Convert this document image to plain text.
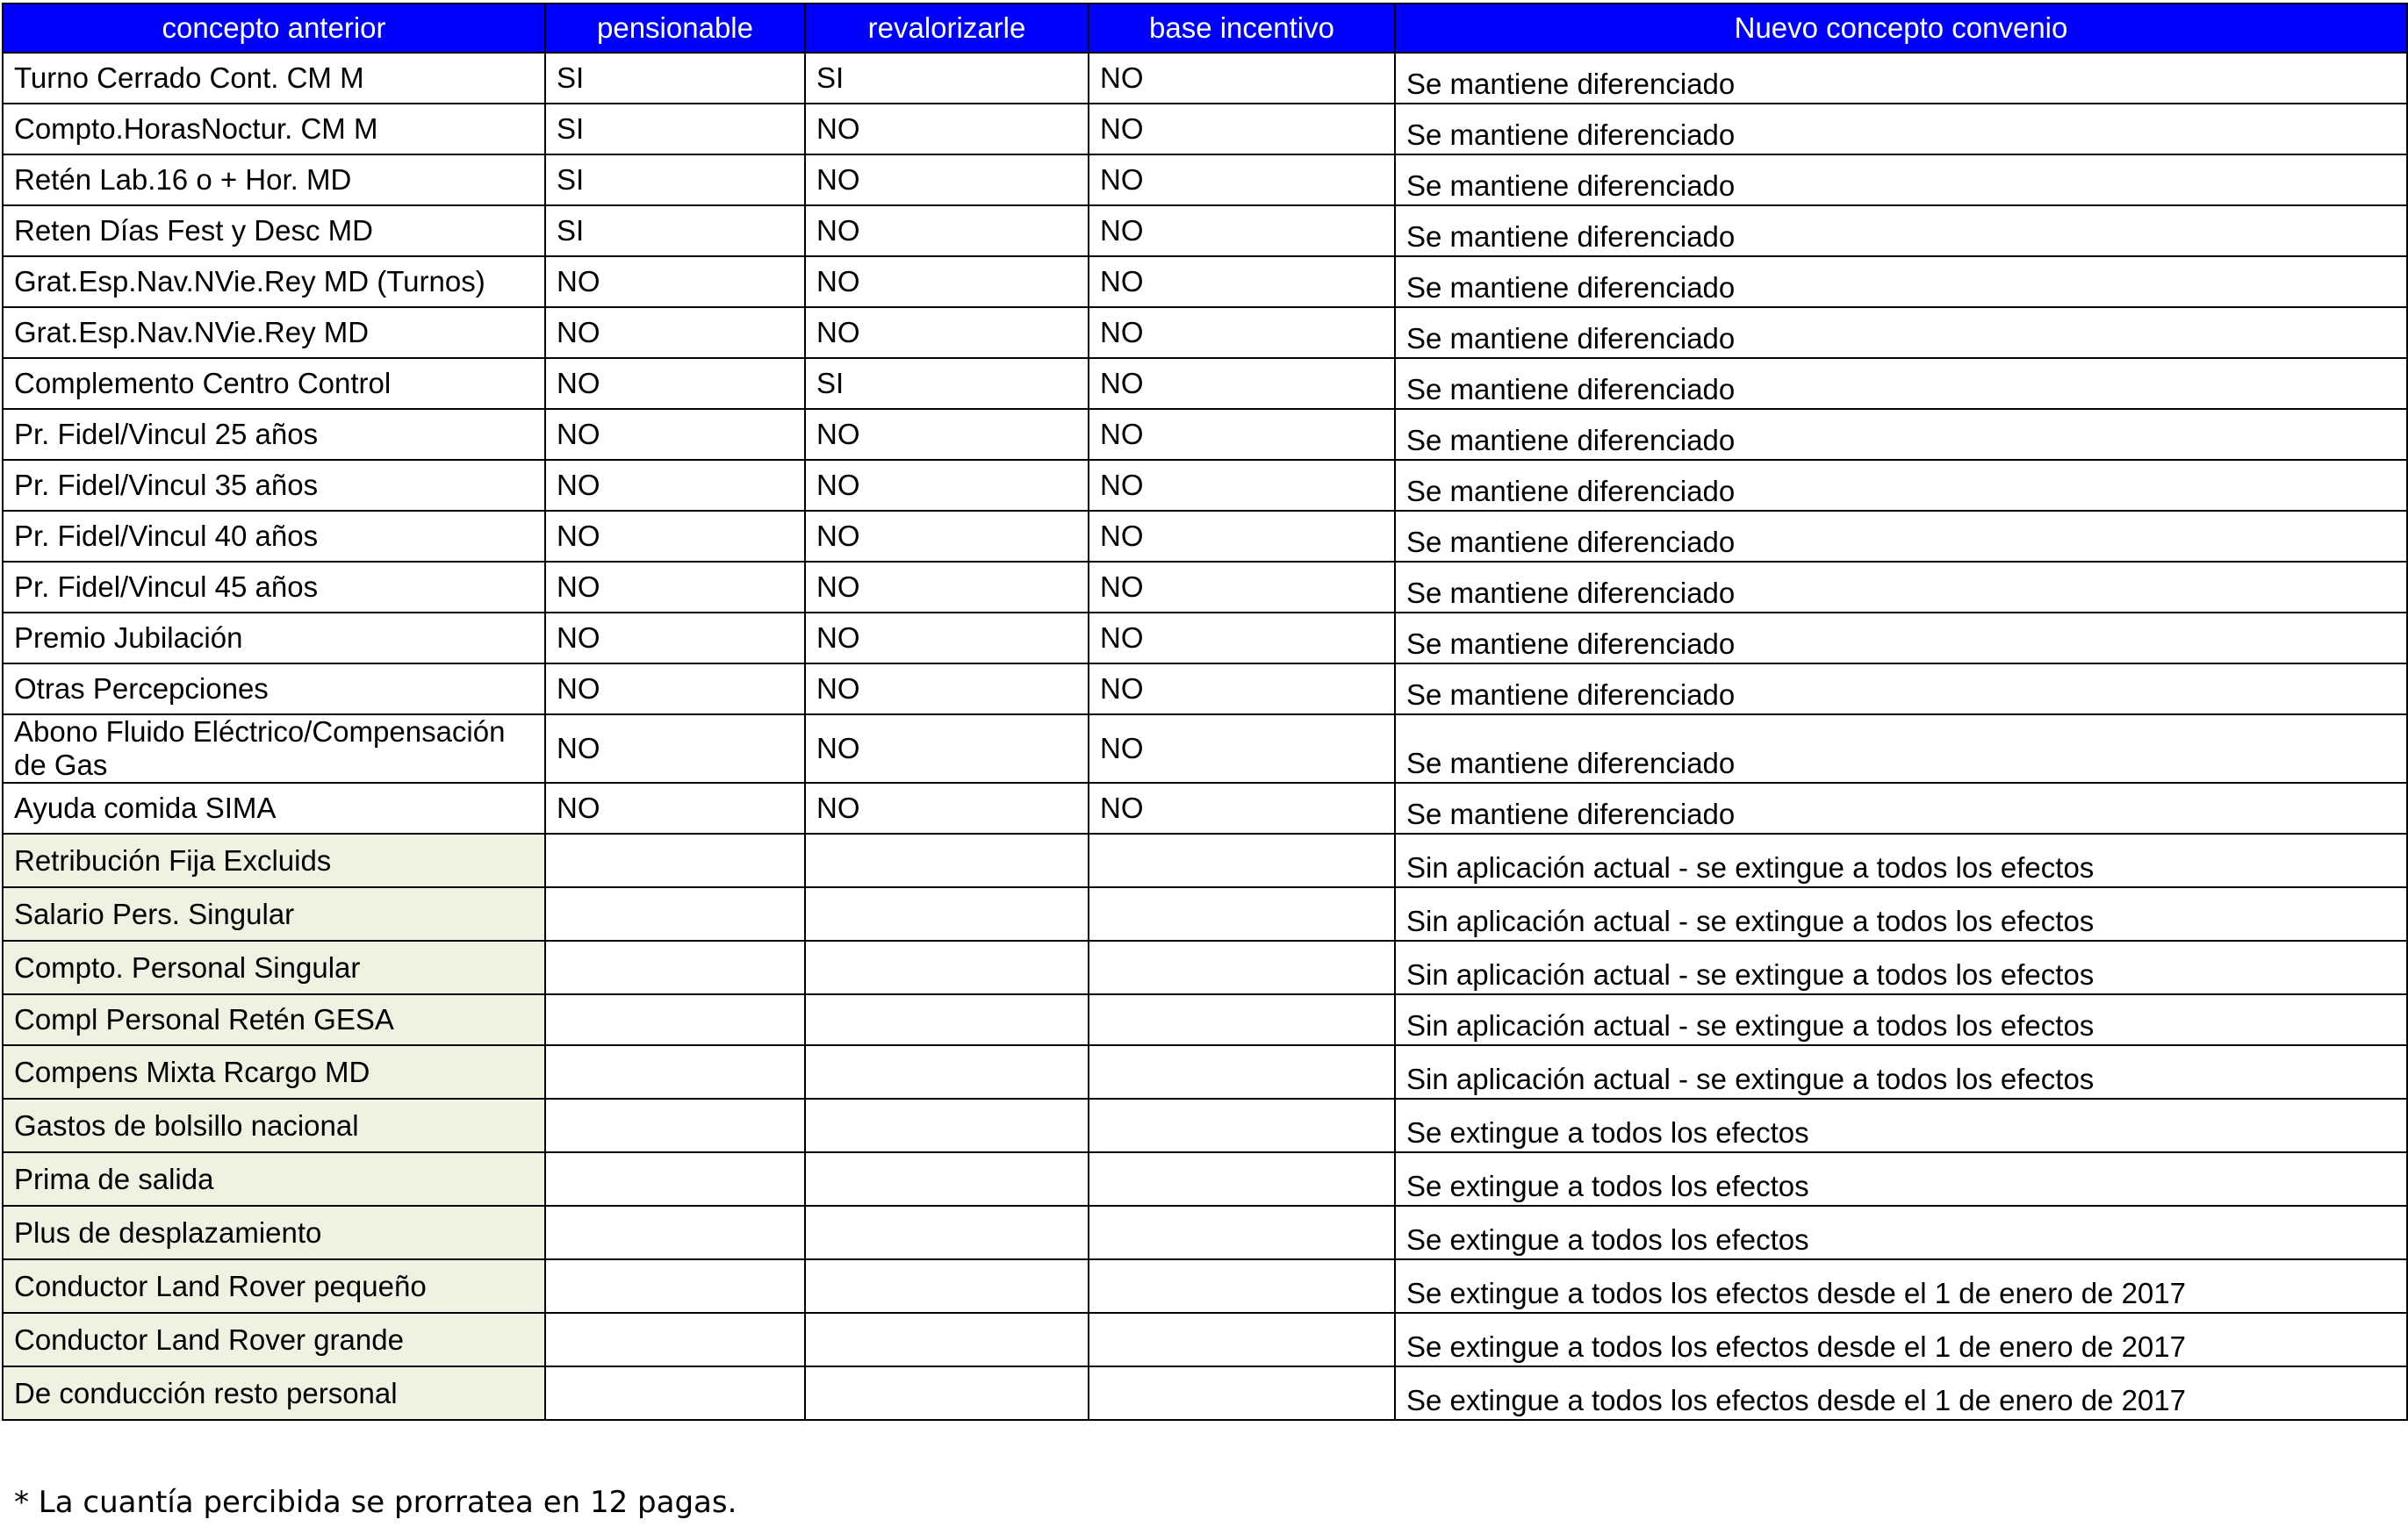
concepto anterior	pensionable	revalorizarle	base incentivo	Nuevo concepto convenio
Turno Cerrado Cont. CM M	SI	SI	NO	Se mantiene diferenciado
Compto.HorasNoctur. CM M	SI	NO	NO	Se mantiene diferenciado
Retén Lab.16 o + Hor. MD	SI	NO	NO	Se mantiene diferenciado
Reten Días Fest y Desc MD	SI	NO	NO	Se mantiene diferenciado
Grat.Esp.Nav.NVie.Rey MD (Turnos)	NO	NO	NO	Se mantiene diferenciado
Grat.Esp.Nav.NVie.Rey MD	NO	NO	NO	Se mantiene diferenciado
Complemento Centro Control	NO	SI	NO	Se mantiene diferenciado
Pr. Fidel/Vincul 25 años	NO	NO	NO	Se mantiene diferenciado
Pr. Fidel/Vincul 35 años	NO	NO	NO	Se mantiene diferenciado
Pr. Fidel/Vincul 40 años	NO	NO	NO	Se mantiene diferenciado
Pr. Fidel/Vincul 45 años	NO	NO	NO	Se mantiene diferenciado
Premio Jubilación	NO	NO	NO	Se mantiene diferenciado
Otras Percepciones	NO	NO	NO	Se mantiene diferenciado
Abono Fluido Eléctrico/Compensación de Gas	NO	NO	NO	Se mantiene diferenciado
Ayuda comida SIMA	NO	NO	NO	Se mantiene diferenciado
Retribución Fija Excluids				Sin aplicación actual - se extingue a todos los efectos
Salario Pers. Singular				Sin aplicación actual - se extingue a todos los efectos
Compto. Personal Singular				Sin aplicación actual - se extingue a todos los efectos
Compl Personal Retén GESA				Sin aplicación actual - se extingue a todos los efectos
Compens Mixta Rcargo MD				Sin aplicación actual - se extingue a todos los efectos
Gastos de bolsillo nacional				Se extingue a todos los efectos
Prima de salida				Se extingue a todos los efectos
Plus de desplazamiento				Se extingue a todos los efectos
Conductor Land Rover pequeño				Se extingue a todos los efectos desde el 1 de enero de 2017
Conductor Land Rover grande				Se extingue a todos los efectos desde el 1 de enero de 2017
De conducción resto personal				Se extingue a todos los efectos desde el 1 de enero de 2017
* La cuantía percibida se prorratea en 12 pagas.
